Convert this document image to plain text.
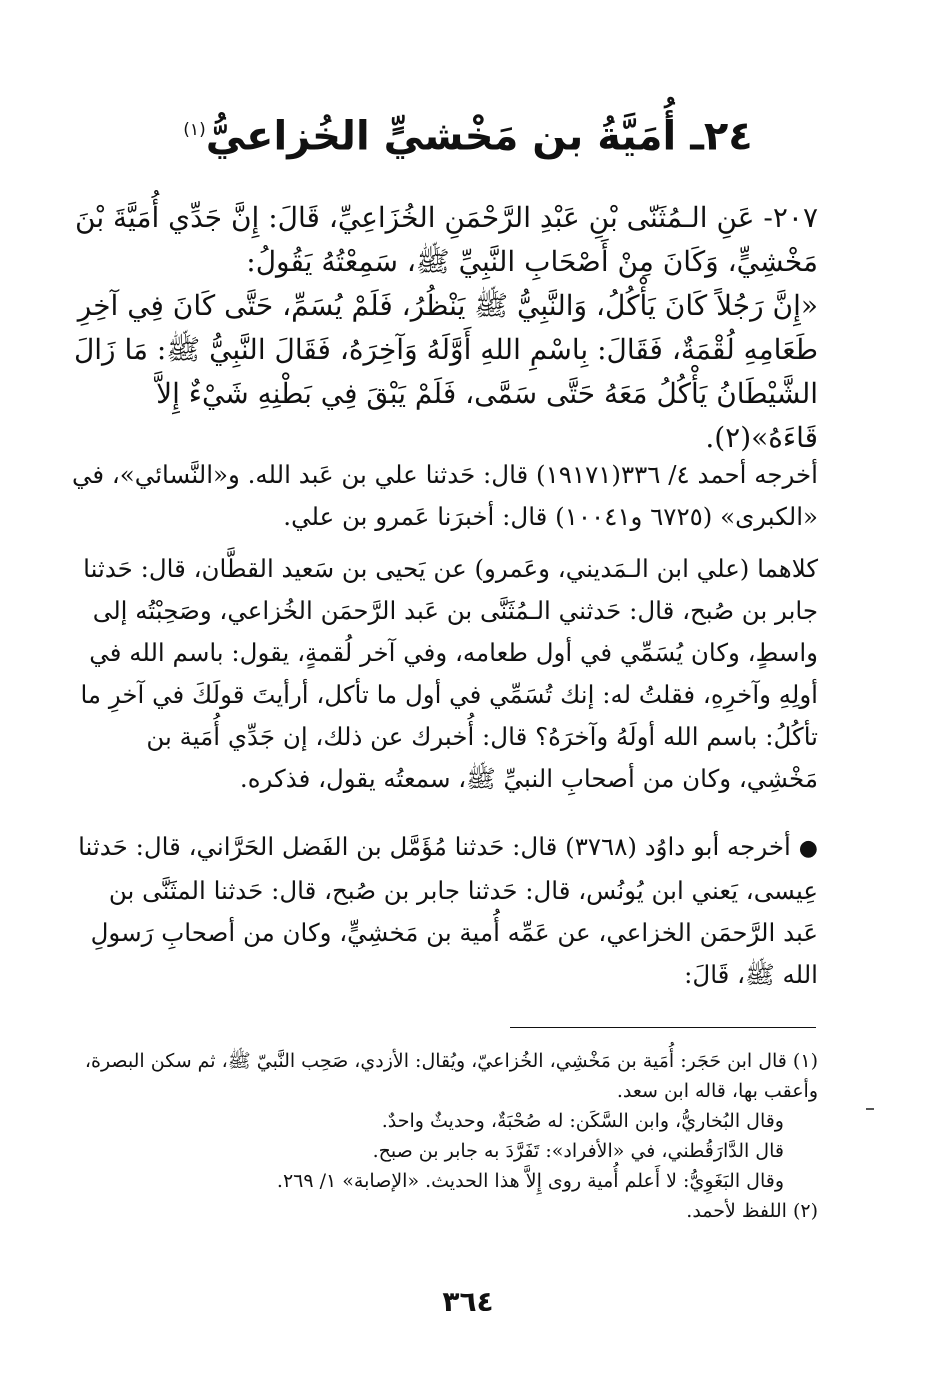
٢٤ـ أُمَيَّةُ بن مَخْشيٍّ الخُزاعيُّ$^{(١)}$
٢٠٧- عَنِ الـمُثَنّى بْنِ عَبْدِ الرَّحْمَنِ الخُزَاعِيِّ، قَالَ: إِنَّ جَدِّي أُمَيَّةَ بْنَ مَخْشِيٍّ، وَكَانَ مِنْ أَصْحَابِ النَّبِيِّ ﷺ، سَمِعْتُهُ يَقُولُ:
«إِنَّ رَجُلاً كَانَ يَأْكُلُ، وَالنَّبِيُّ ﷺ يَنْظُرُ، فَلَمْ يُسَمِّ، حَتَّى كَانَ فِي آخِرِ طَعَامِهِ لُقْمَةٌ، فَقَالَ: بِاسْمِ اللهِ أَوَّلَهُ وَآخِرَهُ، فَقَالَ النَّبِيُّ ﷺ: مَا زَالَ الشَّيْطَانُ يَأْكُلُ مَعَهُ حَتَّى سَمَّى، فَلَمْ يَبْقَ فِي بَطْنِهِ شَيْءٌ إِلاَّ قَاءَهُ»(٢).
أخرجه أحمد ٤/ ٣٣٦(١٩١٧١) قال: حَدثنا علي بن عَبد الله. و«النَّسائي»، في «الكبرى» (٦٧٢٥ و١٠٠٤١) قال: أخبرَنا عَمرو بن علي.
كلاهما (علي ابن الـمَديني، وعَمرو) عن يَحيى بن سَعيد القطَّان، قال: حَدثنا جابر بن صُبح، قال: حَدثني الـمُثَنَّى بن عَبد الرَّحمَن الخُزاعي، وصَحِبْتُه إلى واسطٍ، وكان يُسَمِّي في أول طعامه، وفي آخر لُقمةٍ، يقول: باسم الله في أولِهِ وآخرِهِ، فقلتُ له: إنك تُسَمِّي في أول ما تأكل، أرأيتَ قولَكَ في آخرِ ما تأكُلُ: باسم الله أولَهُ وآخرَهُ؟ قال: أُخبرك عن ذلك، إن جَدِّي أُمَية بن مَخْشِي، وكان من أصحابِ النبيِّ ﷺ، سمعتُه يقول، فذكره.
●أخرجه أبو داوُد (٣٧٦٨) قال: حَدثنا مُؤَمَّل بن الفَضل الحَرَّاني، قال: حَدثنا عِيسى، يَعني ابن يُونُس، قال: حَدثنا جابر بن صُبح، قال: حَدثنا المثَنَّى بن عَبد الرَّحمَن الخزاعي، عن عَمِّه أُمية بن مَخشِيٍّ، وكان من أصحابِ رَسولِ الله ﷺ، قَالَ:
(١) قال ابن حَجَر: أُمَية بن مَخْشِي، الخُزاعيّ، ويُقال: الأزدي، صَحِب النَّبيّ ﷺ، ثم سكن البصرة، وأعقب بها، قاله ابن سعد.
وقال البُخاريُّ، وابن السَّكَن: له صُحْبَةٌ، وحديثٌ واحدٌ.
قال الدَّارَقُطني، في «الأفراد»: تَفَرَّدَ به جابر بن صبح.
وقال البَغَوِيُّ: لا أَعلم أُمية روى إِلاَّ هذا الحديث. «الإصابة» ١/ ٢٦٩.
(٢) اللفظ لأحمد.
٣٦٤
